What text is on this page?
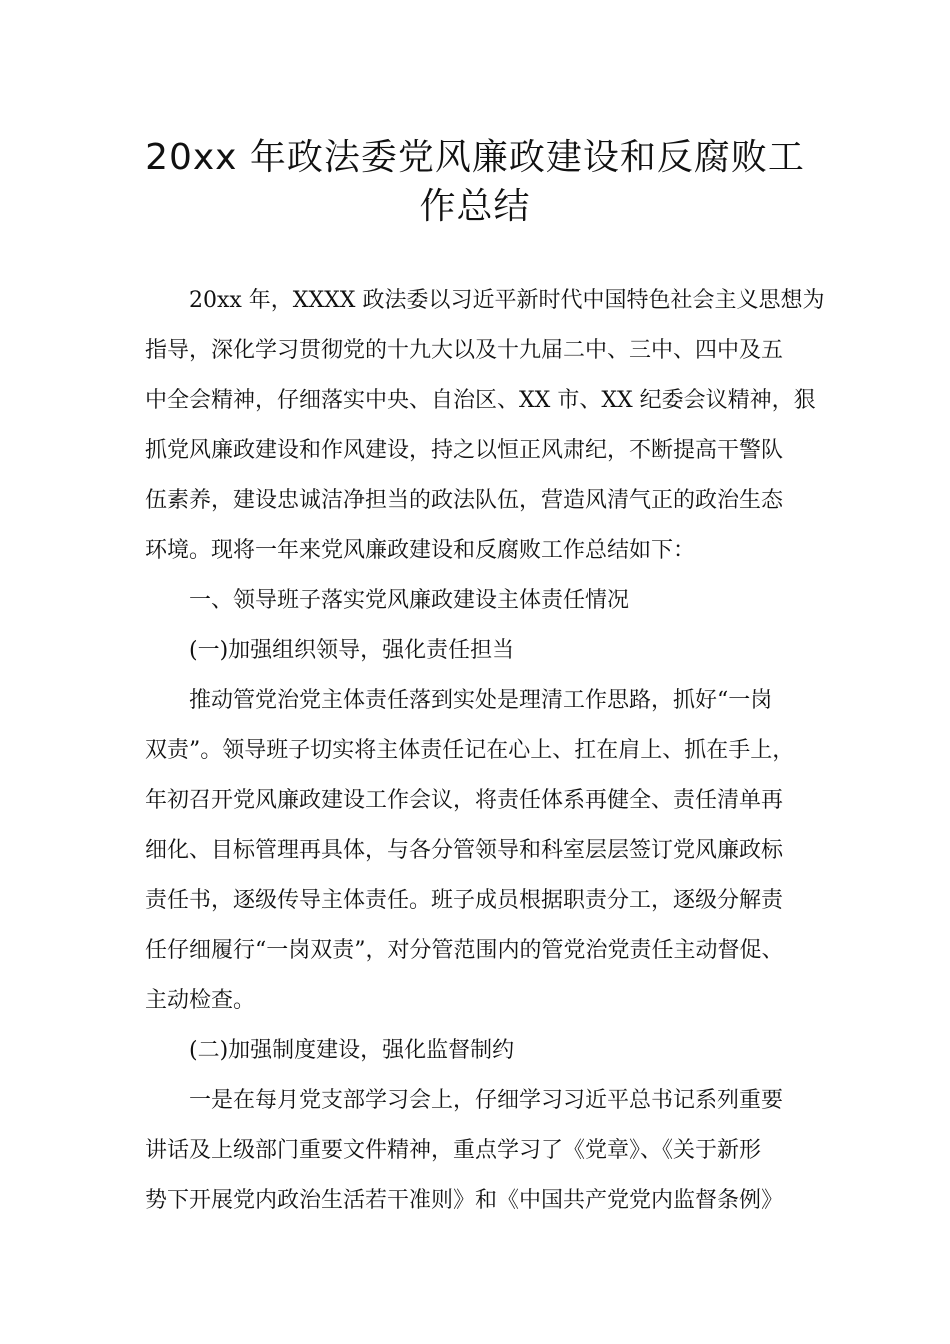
20xx 年政法委党风廉政建设和反腐败工
作总结
20xx 年，XXXX 政法委以习近平新时代中国特色社会主义思想为
指导，深化学习贯彻党的十九大以及十九届二中、三中、四中及五
中全会精神，仔细落实中央、自治区、XX 市、XX 纪委会议精神，狠
抓党风廉政建设和作风建设，持之以恒正风肃纪，不断提高干警队
伍素养，建设忠诚洁净担当的政法队伍，营造风清气正的政治生态
环境。现将一年来党风廉政建设和反腐败工作总结如下：
一、领导班子落实党风廉政建设主体责任情况
(一)加强组织领导，强化责任担当
推动管党治党主体责任落到实处是理清工作思路，抓好“一岗
双责”。领导班子切实将主体责任记在心上、扛在肩上、抓在手上，
年初召开党风廉政建设工作会议，将责任体系再健全、责任清单再
细化、目标管理再具体，与各分管领导和科室层层签订党风廉政标
责任书，逐级传导主体责任。班子成员根据职责分工，逐级分解责
任仔细履行“一岗双责”，对分管范围内的管党治党责任主动督促、
主动检查。
(二)加强制度建设，强化监督制约
一是在每月党支部学习会上，仔细学习习近平总书记系列重要
讲话及上级部门重要文件精神，重点学习了《党章》、《关于新形
势下开展党内政治生活若干准则》和《中国共产党党内监督条例》
